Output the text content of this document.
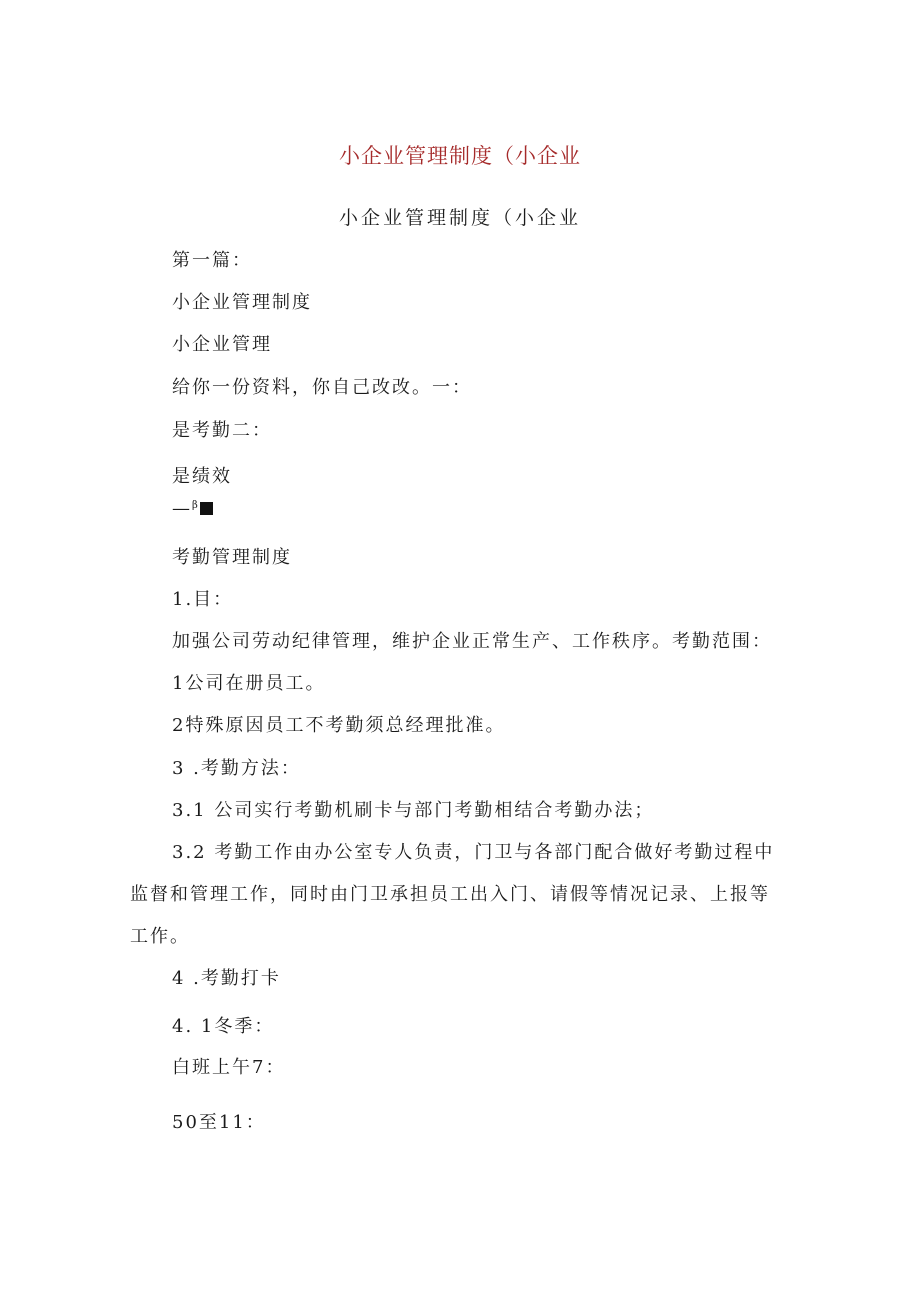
小企业管理制度（小企业
小企业管理制度（小企业
第一篇：
小企业管理制度
小企业管理
给你一份资料，你自己改改。一：
是考勤二：
是绩效
— $^\beta$
考勤管理制度
1.目：
加强公司劳动纪律管理，维护企业正常生产、工作秩序。考勤范围：
1公司在册员工。
2特殊原因员工不考勤须总经理批准。
3 .考勤方法：
3.1 公司实行考勤机刷卡与部门考勤相结合考勤办法；
3.2 考勤工作由办公室专人负责，门卫与各部门配合做好考勤过程中
监督和管理工作，同时由门卫承担员工出入门、请假等情况记录、上报等
工作。
4 .考勤打卡
4. 1冬季：
白班上午7：
50至11：
